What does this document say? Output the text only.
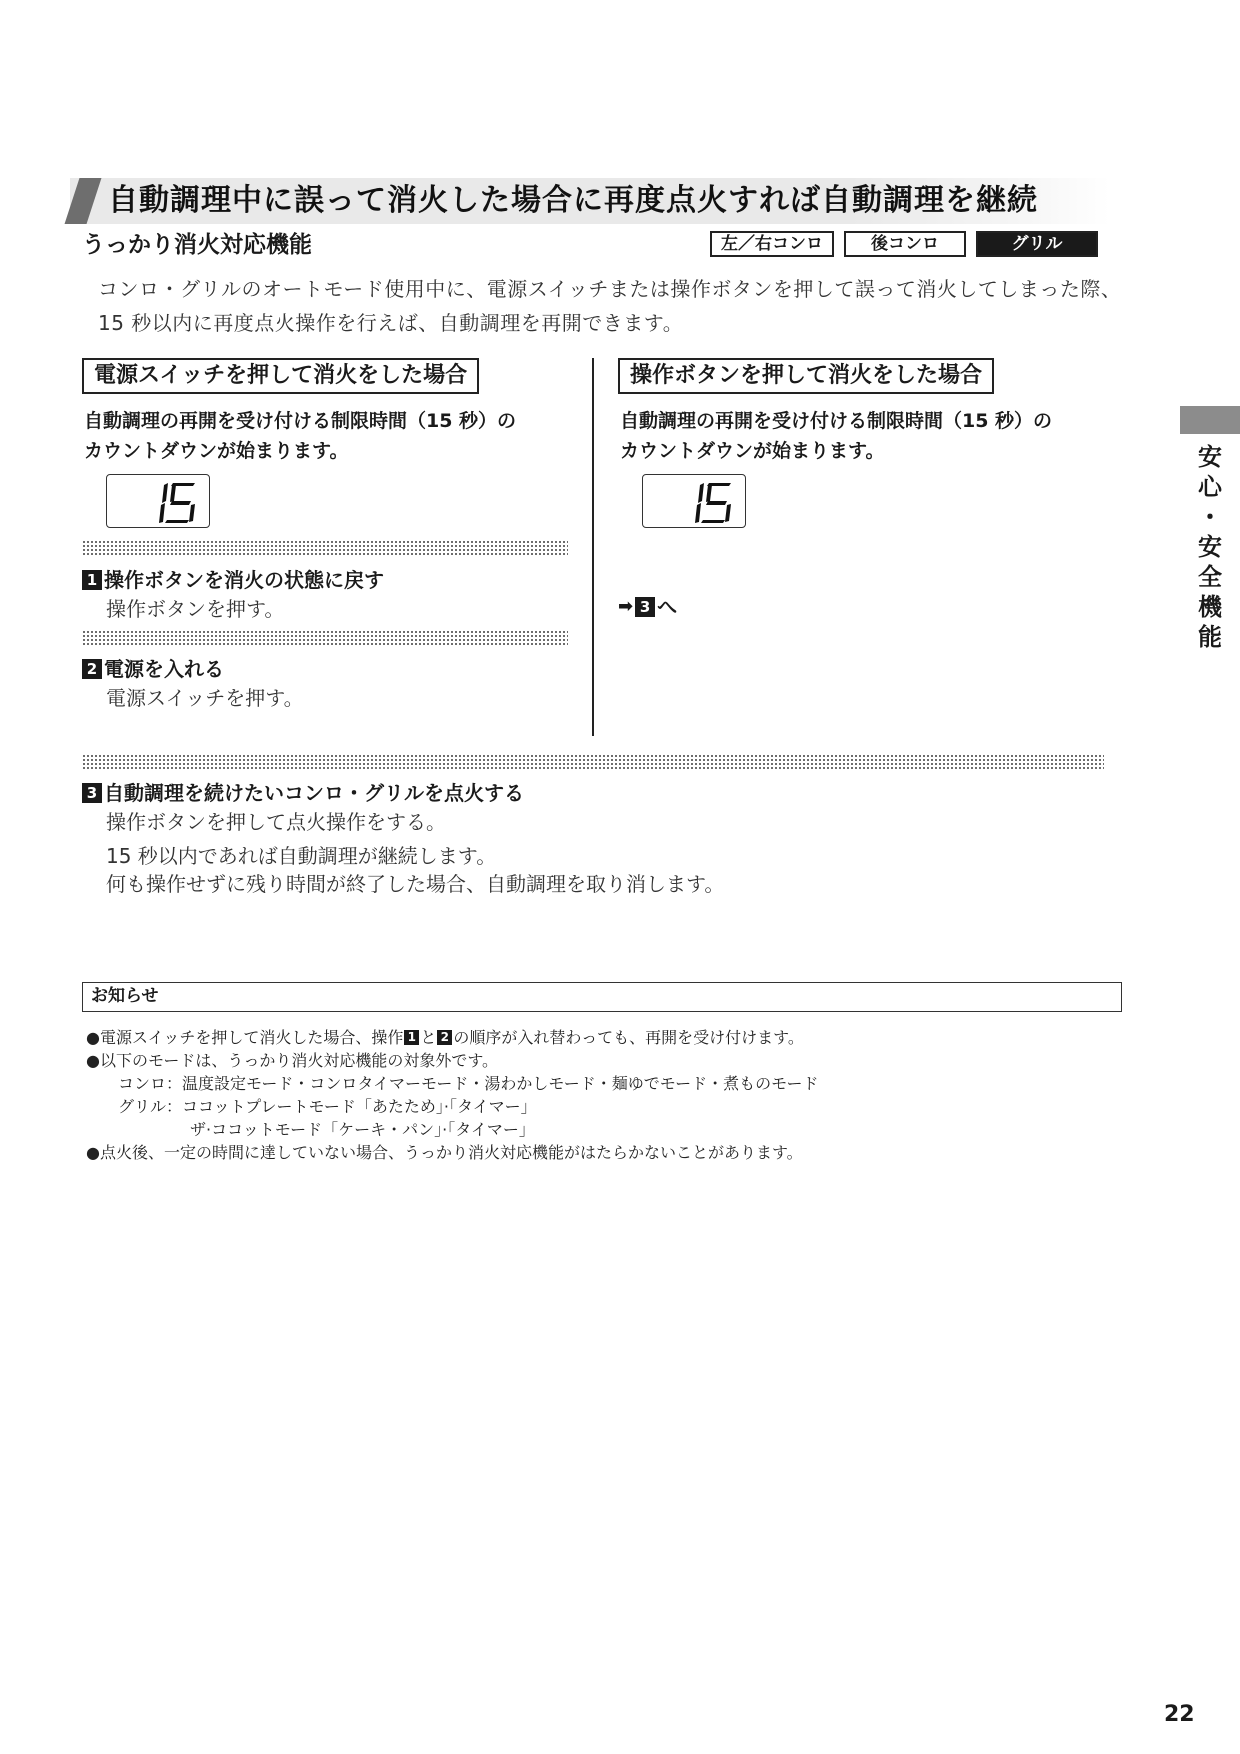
自動調理中に誤って消火した場合に再度点火すれば自動調理を継続
うっかり消火対応機能	左／右コンロ	後コンロ	グリル
コンロ・グリルのオートモード使用中に、電源スイッチまたは操作ボタンを押して誤って消火してしまった際、
15 秒以内に再度点火操作を行えば、自動調理を再開できます。
電源スイッチを押して消火をした場合
自動調理の再開を受け付ける制限時間（15 秒）の
カウントダウンが始まります。
1 操作ボタンを消火の状態に戻す
操作ボタンを押す。
2 電源を入れる
電源スイッチを押す。
操作ボタンを押して消火をした場合
自動調理の再開を受け付ける制限時間（15 秒）の
カウントダウンが始まります。
➡ 3 へ
3 自動調理を続けたいコンロ・グリルを点火する
操作ボタンを押して点火操作をする。
15 秒以内であれば自動調理が継続します。
何も操作せずに残り時間が終了した場合、自動調理を取り消します。
お知らせ
●電源スイッチを押して消火した場合、操作 1 と 2 の順序が入れ替わっても、再開を受け付けます。
●以下のモードは、うっかり消火対応機能の対象外です。
コンロ：温度設定モード・コンロタイマーモード・湯わかしモード・麺ゆでモード・煮ものモード
グリル：ココットプレートモード「あたため」·「タイマー」
ザ·ココットモード「ケーキ・パン」·「タイマー」
●点火後、一定の時間に達していない場合、うっかり消火対応機能がはたらかないことがあります。
安
心
・
安
全
機
能
22
